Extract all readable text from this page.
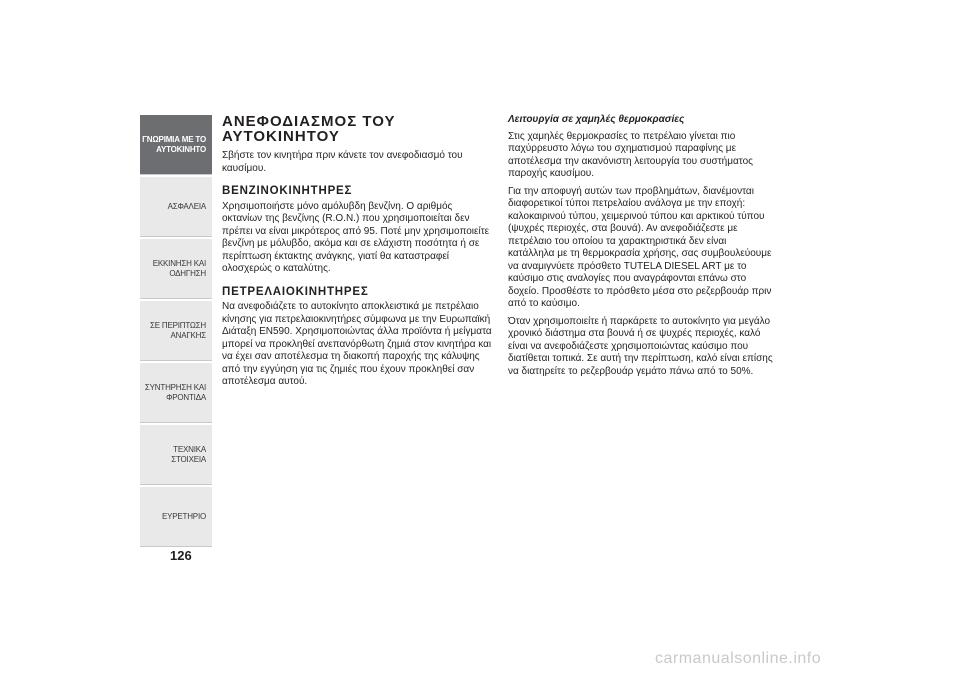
ΓΝΩΡΙΜΙΑ ΜΕ ΤΟ
ΑΥΤΟΚΙΝΗΤΟ
ΑΣΦΑΛΕΙΑ
ΕΚΚΙΝΗΣΗ ΚΑΙ
ΟΔΗΓΗΣΗ
ΣΕ ΠΕΡΙΠΤΩΣΗ
ΑΝΑΓΚΗΣ
ΣΥΝΤΗΡΗΣΗ ΚΑΙ
ΦΡΟΝΤΙΔΑ
ΤΕΧΝΙΚΑ ΣΤΟΙΧΕΙΑ
ΕΥΡΕΤΗΡΙΟ
126
ΑΝΕΦΟΔΙΑΣΜΟΣ ΤΟΥ
ΑΥΤΟΚΙΝΗΤΟΥ

Σβήστε τον κινητήρα πριν κάνετε τον ανεφοδιασμό του καυσίμου.

ΒΕΝΖΙΝΟΚΙΝΗΤΗΡΕΣ

Χρησιμοποιήστε μόνο αμόλυβδη βενζίνη. Ο αριθμός οκτανίων της βενζίνης (R.O.N.) που χρησιμοποιείται δεν πρέπει να είναι μικρότερος από 95. Ποτέ μην χρησιμοποιείτε βενζίνη με μόλυβδο, ακόμα και σε ελάχιστη ποσότητα ή σε περίπτωση έκτακτης ανάγκης, γιατί θα καταστραφεί ολοσχερώς ο καταλύτης.

ΠΕΤΡΕΛΑΙΟΚΙΝΗΤΗΡΕΣ

Να ανεφοδιάζετε το αυτοκίνητο αποκλειστικά με πετρέλαιο κίνησης για πετρελαιοκινητήρες σύμφωνα με την Ευρωπαϊκή Διάταξη EN590. Χρησιμοποιώντας άλλα προϊόντα ή μείγματα μπορεί να προκληθεί ανεπανόρθωτη ζημιά στον κινητήρα και να έχει σαν αποτέλεσμα τη διακοπή παροχής της κάλυψης από την εγγύηση για τις ζημιές που έχουν προκληθεί σαν αποτέλεσμα αυτού.

Λειτουργία σε χαμηλές θερμοκρασίες

Στις χαμηλές θερμοκρασίες το πετρέλαιο γίνεται πιο παχύρρευστο λόγω του σχηματισμού παραφίνης με αποτέλεσμα την ακανόνιστη λειτουργία του συστήματος παροχής καυσίμου.

Για την αποφυγή αυτών των προβλημάτων, διανέμονται διαφορετικοί τύποι πετρελαίου ανάλογα με την εποχή: καλοκαιρινού τύπου, χειμερινού τύπου και αρκτικού τύπου (ψυχρές περιοχές, στα βουνά). Αν ανεφοδιάζεστε με πετρέλαιο του οποίου τα χαρακτηριστικά δεν είναι κατάλληλα με τη θερμοκρασία χρήσης, σας συμβουλεύουμε να αναμιγνύετε πρόσθετο TUTELA DIESEL ART με το καύσιμο στις αναλογίες που αναγράφονται επάνω στο δοχείο. Προσθέστε το πρόσθετο μέσα στο ρεζερβουάρ πριν από το καύσιμο.

Όταν χρησιμοποιείτε ή παρκάρετε το αυτοκίνητο για μεγάλο χρονικό διάστημα στα βουνά ή σε ψυχρές περιοχές, καλό είναι να ανεφοδιάζεστε χρησιμοποιώντας καύσιμο που διατίθεται τοπικά. Σε αυτή την περίπτωση, καλό είναι επίσης να διατηρείτε το ρεζερβουάρ γεμάτο πάνω από το 50%.

carmanualsonline.info
